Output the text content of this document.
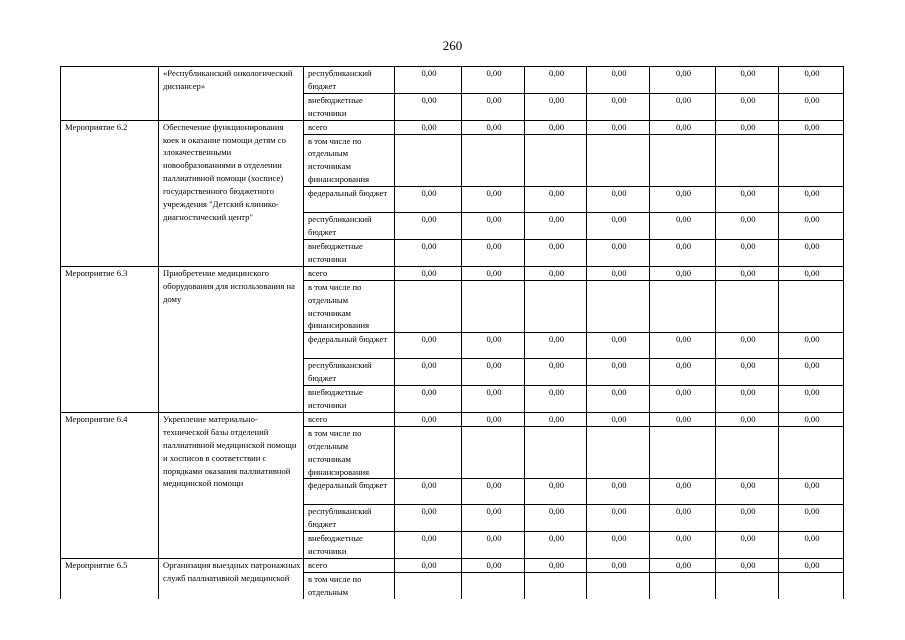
260
	«Республиканский онкологический диспансер»	республиканский бюджет	0,00	0,00	0,00	0,00	0,00	0,00	0,00
		внебюджетные источники	0,00	0,00	0,00	0,00	0,00	0,00	0,00
Мероприятие 6.2	Обеспечение функционирования коек и оказание помощи детям со злокачественными новообразованиями в отделении паллиативной помощи (хосписе) государственного бюджетного учреждения "Детский клинико-диагностический центр"	всего	0,00	0,00	0,00	0,00	0,00	0,00	0,00
		в том числе по отдельным источникам финансирования							
		федеральный бюджет	0,00	0,00	0,00	0,00	0,00	0,00	0,00
		республиканский бюджет	0,00	0,00	0,00	0,00	0,00	0,00	0,00
		внебюджетные источники	0,00	0,00	0,00	0,00	0,00	0,00	0,00
Мероприятие 6.3	Приобретение медицинского оборудования для использования на дому	всего	0,00	0,00	0,00	0,00	0,00	0,00	0,00
		в том числе по отдельным источникам финансирования							
		федеральный бюджет	0,00	0,00	0,00	0,00	0,00	0,00	0,00
		республиканский бюджет	0,00	0,00	0,00	0,00	0,00	0,00	0,00
		внебюджетные источники	0,00	0,00	0,00	0,00	0,00	0,00	0,00
Мероприятие 6.4	Укрепление материально-технической базы отделений паллиативной медицинской помощи и хосписов в соответствии с порядками оказания паллиативной медицинской помощи	всего	0,00	0,00	0,00	0,00	0,00	0,00	0,00
		в том числе по отдельным источникам финансирования							
		федеральный бюджет	0,00	0,00	0,00	0,00	0,00	0,00	0,00
		республиканский бюджет	0,00	0,00	0,00	0,00	0,00	0,00	0,00
		внебюджетные источники	0,00	0,00	0,00	0,00	0,00	0,00	0,00
Мероприятие 6.5	Организация выездных патронажных служб паллиативной медицинской	всего	0,00	0,00	0,00	0,00	0,00	0,00	0,00
		в том числе по отдельным							
